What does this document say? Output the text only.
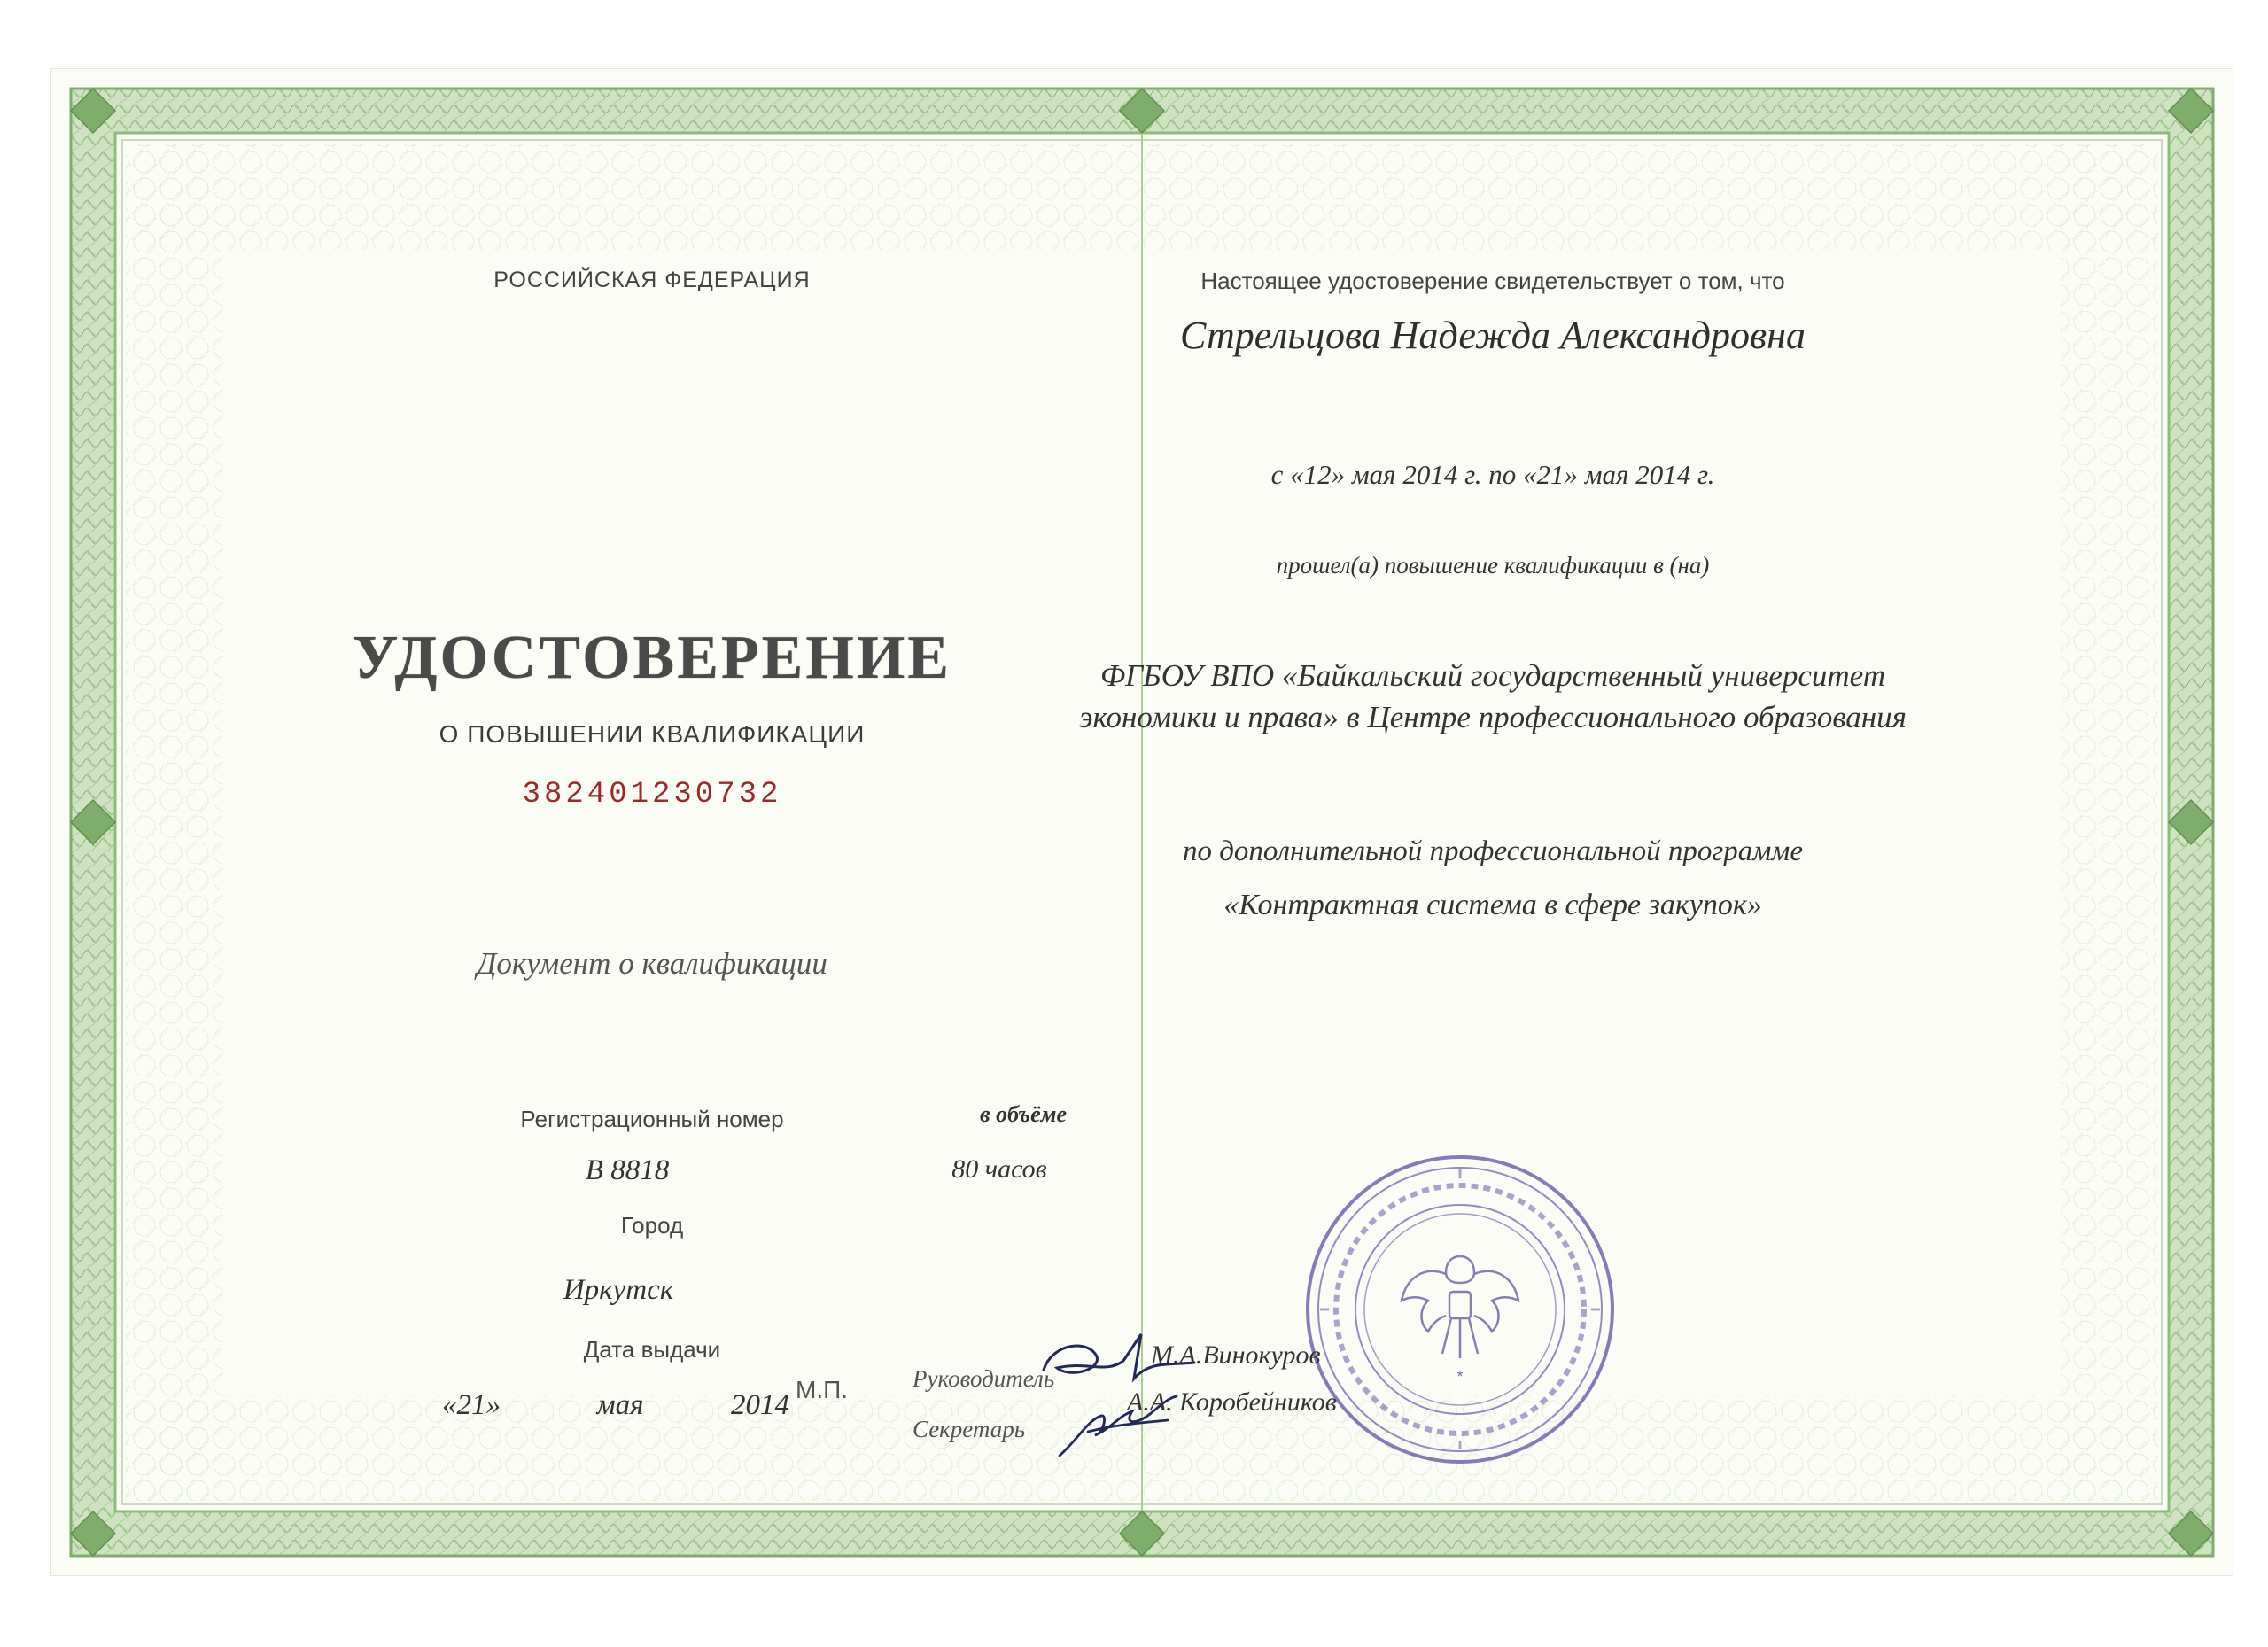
РОССИЙСКАЯ ФЕДЕРАЦИЯ
УДОСТОВЕРЕНИЕ
О ПОВЫШЕНИИ КВАЛИФИКАЦИИ
382401230732
Документ о квалификации
Регистрационный номер
В 8818
Город
Иркутск
Дата выдачи
«21»	мая	2014
Настоящее удостоверение свидетельствует о том, что
Стрельцова Надежда Александровна
с «12» мая 2014 г. по «21» мая 2014 г.
прошел(а) повышение квалификации в (на)
ФГБОУ ВПО «Байкальский государственный университет
экономики и права» в Центре профессионального образования
по дополнительной профессиональной программе
«Контрактная система в сфере закупок»
*
в объёме
80 часов
М.П.	Руководитель
Секретарь
М.А.Винокуров
А.А. Коробейников
